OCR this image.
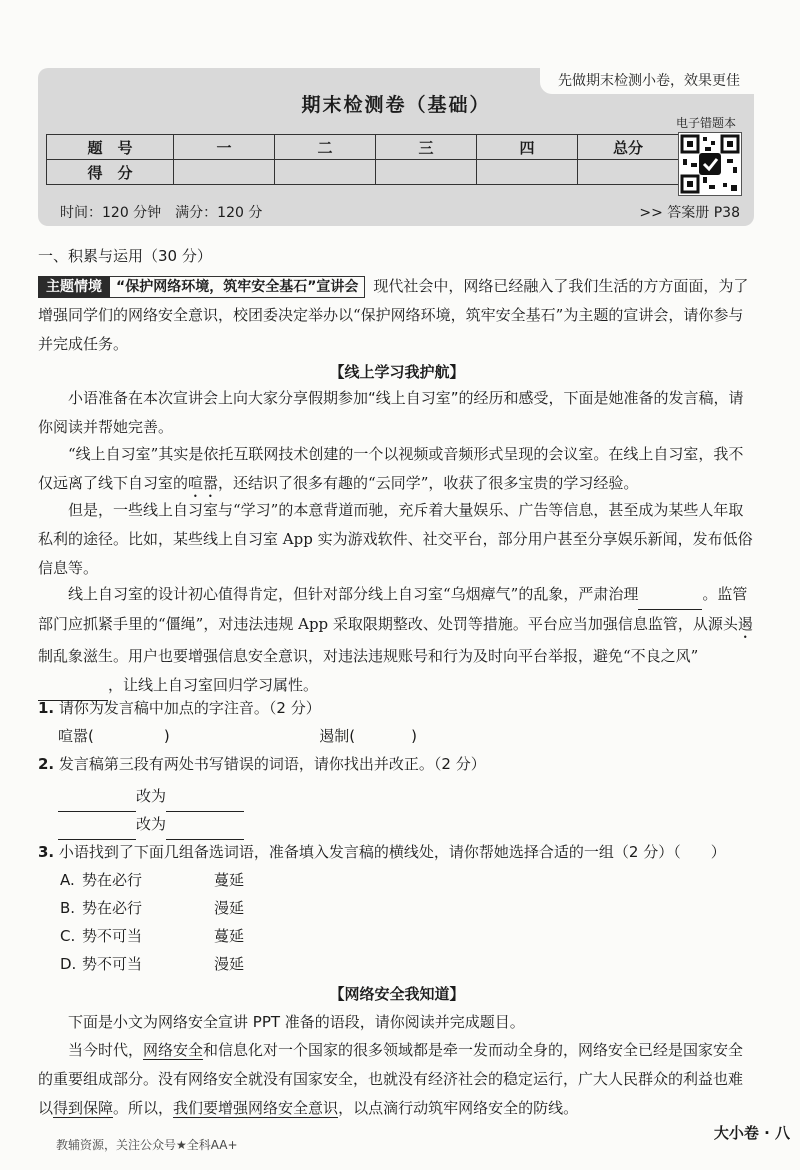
先做期末检测小卷，效果更佳
期末检测卷（基础）
题　号	一	二	三	四	总分
得　分					
电子错题本
时间：120 分钟　满分：120 分	>> 答案册 P38
一、积累与运用（30 分）
主题情境 “保护网络环境，筑牢安全基石”宣讲会 现代社会中，网络已经融入了我们生活的方方面面，为了增强同学们的网络安全意识，校团委决定举办以“保护网络环境，筑牢安全基石”为主题的宣讲会，请你参与并完成任务。
【线上学习我护航】
小语准备在本次宣讲会上向大家分享假期参加“线上自习室”的经历和感受，下面是她准备的发言稿，请你阅读并帮她完善。
“线上自习室”其实是依托互联网技术创建的一个以视频或音频形式呈现的会议室。在线上自习室，我不仅远离了线下自习室的喧嚣，还结识了很多有趣的“云同学”，收获了很多宝贵的学习经验。
但是，一些线上自习室与“学习”的本意背道而驰，充斥着大量娱乐、广告等信息，甚至成为某些人年取私利的途径。比如，某些线上自习室 App 实为游戏软件、社交平台，部分用户甚至分享娱乐新闻，发布低俗信息等。
线上自习室的设计初心值得肯定，但针对部分线上自习室“乌烟瘴气”的乱象，严肃治理	。监管部门应抓紧手里的“僵绳”，对违法违规 App 采取限期整改、处罚等措施。平台应当加强信息监管，从源头遏制乱象滋生。用户也要增强信息安全意识，对违法违规账号和行为及时向平台举报，避免“不良之风” ，让线上自习室回归学习属性。
1. 请你为发言稿中加点的字注音。（2 分）
喧嚣(	)	遏制(	)
2. 发言稿第三段有两处书写错误的词语，请你找出并改正。（2 分）
改为
改为
3. 小语找到了下面几组备选词语，准备填入发言稿的横线处，请你帮她选择合适的一组（2 分）（　　）
A. 势在必行	蔓延
B. 势在必行	漫延
C. 势不可当	蔓延
D. 势不可当	漫延
【网络安全我知道】
下面是小文为网络安全宣讲 PPT 准备的语段，请你阅读并完成题目。
当今时代，网络安全和信息化对一个国家的很多领域都是牵一发而动全身的，网络安全已经是国家安全的重要组成部分。没有网络安全就没有国家安全，也就没有经济社会的稳定运行，广大人民群众的利益也难以得到保障。所以，我们要增强网络安全意识，以点滴行动筑牢网络安全的防线。
教辅资源，关注公众号★全科AA+
大小卷 · 八
